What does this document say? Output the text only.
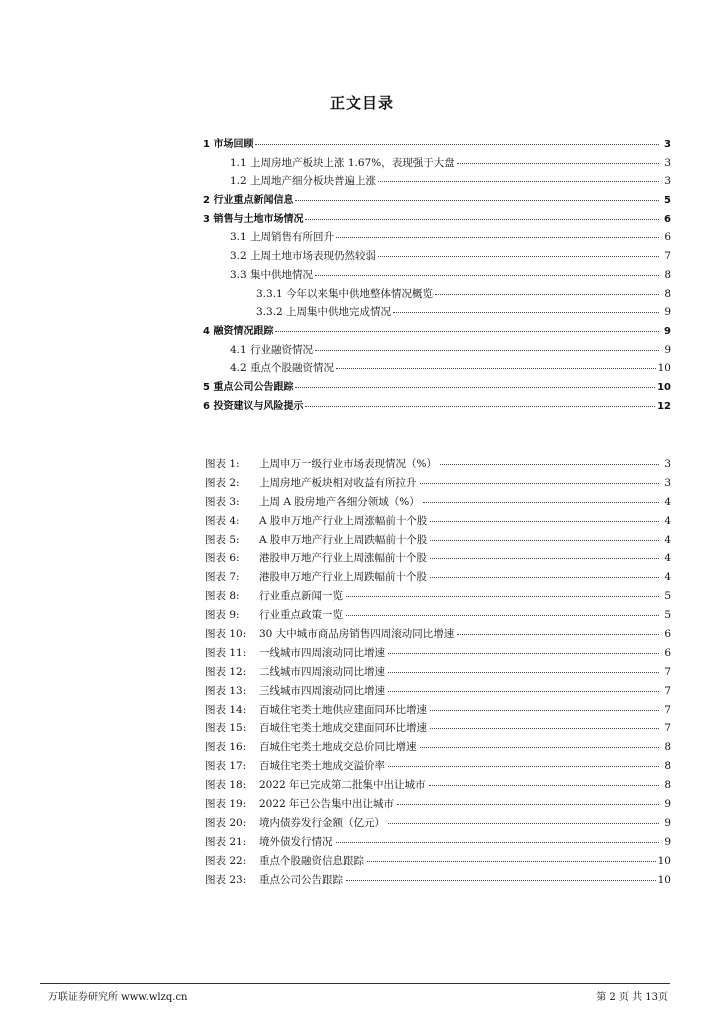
正文目录
1 市场回顾	3
1.1 上周房地产板块上涨 1.67%，表现强于大盘	3
1.2 上周地产细分板块普遍上涨	3
2 行业重点新闻信息	5
3 销售与土地市场情况	6
3.1 上周销售有所回升	6
3.2 上周土地市场表现仍然较弱	7
3.3 集中供地情况	8
3.3.1 今年以来集中供地整体情况概览	8
3.3.2 上周集中供地完成情况	9
4 融资情况跟踪	9
4.1 行业融资情况	9
4.2 重点个股融资情况	10
5 重点公司公告跟踪	10
6 投资建议与风险提示	12
图表 1:	上周申万一级行业市场表现情况（%）	3
图表 2:	上周房地产板块相对收益有所拉升	3
图表 3:	上周 A 股房地产各细分领域（%）	4
图表 4:	A 股申万地产行业上周涨幅前十个股	4
图表 5:	A 股申万地产行业上周跌幅前十个股	4
图表 6:	港股申万地产行业上周涨幅前十个股	4
图表 7:	港股申万地产行业上周跌幅前十个股	4
图表 8:	行业重点新闻一览	5
图表 9:	行业重点政策一览	5
图表 10:	30 大中城市商品房销售四周滚动同比增速	6
图表 11:	一线城市四周滚动同比增速	6
图表 12:	二线城市四周滚动同比增速	7
图表 13:	三线城市四周滚动同比增速	7
图表 14:	百城住宅类土地供应建面同环比增速	7
图表 15:	百城住宅类土地成交建面同环比增速	7
图表 16:	百城住宅类土地成交总价同比增速	8
图表 17:	百城住宅类土地成交溢价率	8
图表 18:	2022 年已完成第二批集中出让城市	8
图表 19:	2022 年已公告集中出让城市	9
图表 20:	境内债券发行金额（亿元）	9
图表 21:	境外债发行情况	9
图表 22:	重点个股融资信息跟踪	10
图表 23:	重点公司公告跟踪	10
万联证券研究所 www.wlzq.cn	第 2 页 共 13页
